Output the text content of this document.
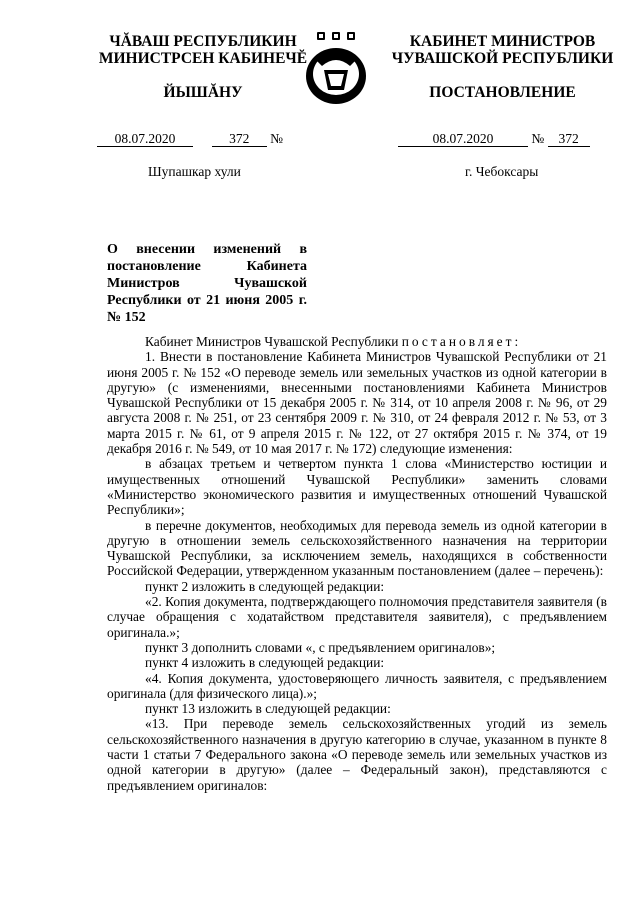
ЧĂВАШ РЕСПУБЛИКИН
МИНИСТРСЕН КАБИНЕЧĔ
ЙЫШĂНУ
КАБИНЕТ МИНИСТРОВ
ЧУВАШСКОЙ РЕСПУБЛИКИ
ПОСТАНОВЛЕНИЕ
08.07.2020	372 №	08.07.2020	№ 372
Шупашкар хули	г. Чебоксары
О внесении изменений в постановление Кабинета Министров Чувашской Республики от 21 июня 2005 г. № 152

Кабинет Министров Чувашской Республики постановляет:

1. Внести в постановление Кабинета Министров Чувашской Республики от 21 июня 2005 г. № 152 «О переводе земель или земельных участков из одной категории в другую» (с изменениями, внесенными постановлениями Кабинета Министров Чувашской Республики от 15 декабря 2005 г. № 314, от 10 апреля 2008 г. № 96, от 29 августа 2008 г. № 251, от 23 сентября 2009 г. № 310, от 24 февраля 2012 г. № 53, от 3 марта 2015 г. № 61, от 9 апреля 2015 г. № 122, от 27 октября 2015 г. № 374, от 19 декабря 2016 г. № 549, от 10 мая 2017 г. № 172) следующие изменения:

в абзацах третьем и четвертом пункта 1 слова «Министерство юстиции и имущественных отношений Чувашской Республики» заменить словами «Министерство экономического развития и имущественных отношений Чувашской Республики»;

в перечне документов, необходимых для перевода земель из одной категории в другую в отношении земель сельскохозяйственного назначения на территории Чувашской Республики, за исключением земель, находящихся в собственности Российской Федерации, утвержденном указанным постановлением (далее – перечень):

пункт 2 изложить в следующей редакции:

«2. Копия документа, подтверждающего полномочия представителя заявителя (в случае обращения с ходатайством представителя заявителя), с предъявлением оригинала.»;

пункт 3 дополнить словами «, с предъявлением оригиналов»;

пункт 4 изложить в следующей редакции:

«4. Копия документа, удостоверяющего личность заявителя, с предъявлением оригинала (для физического лица).»;

пункт 13 изложить в следующей редакции:

«13. При переводе земель сельскохозяйственных угодий из земель сельскохозяйственного назначения в другую категорию в случае, указанном в пункте 8 части 1 статьи 7 Федерального закона «О переводе земель или земельных участков из одной категории в другую» (далее – Федеральный закон), представляются с предъявлением оригиналов:
